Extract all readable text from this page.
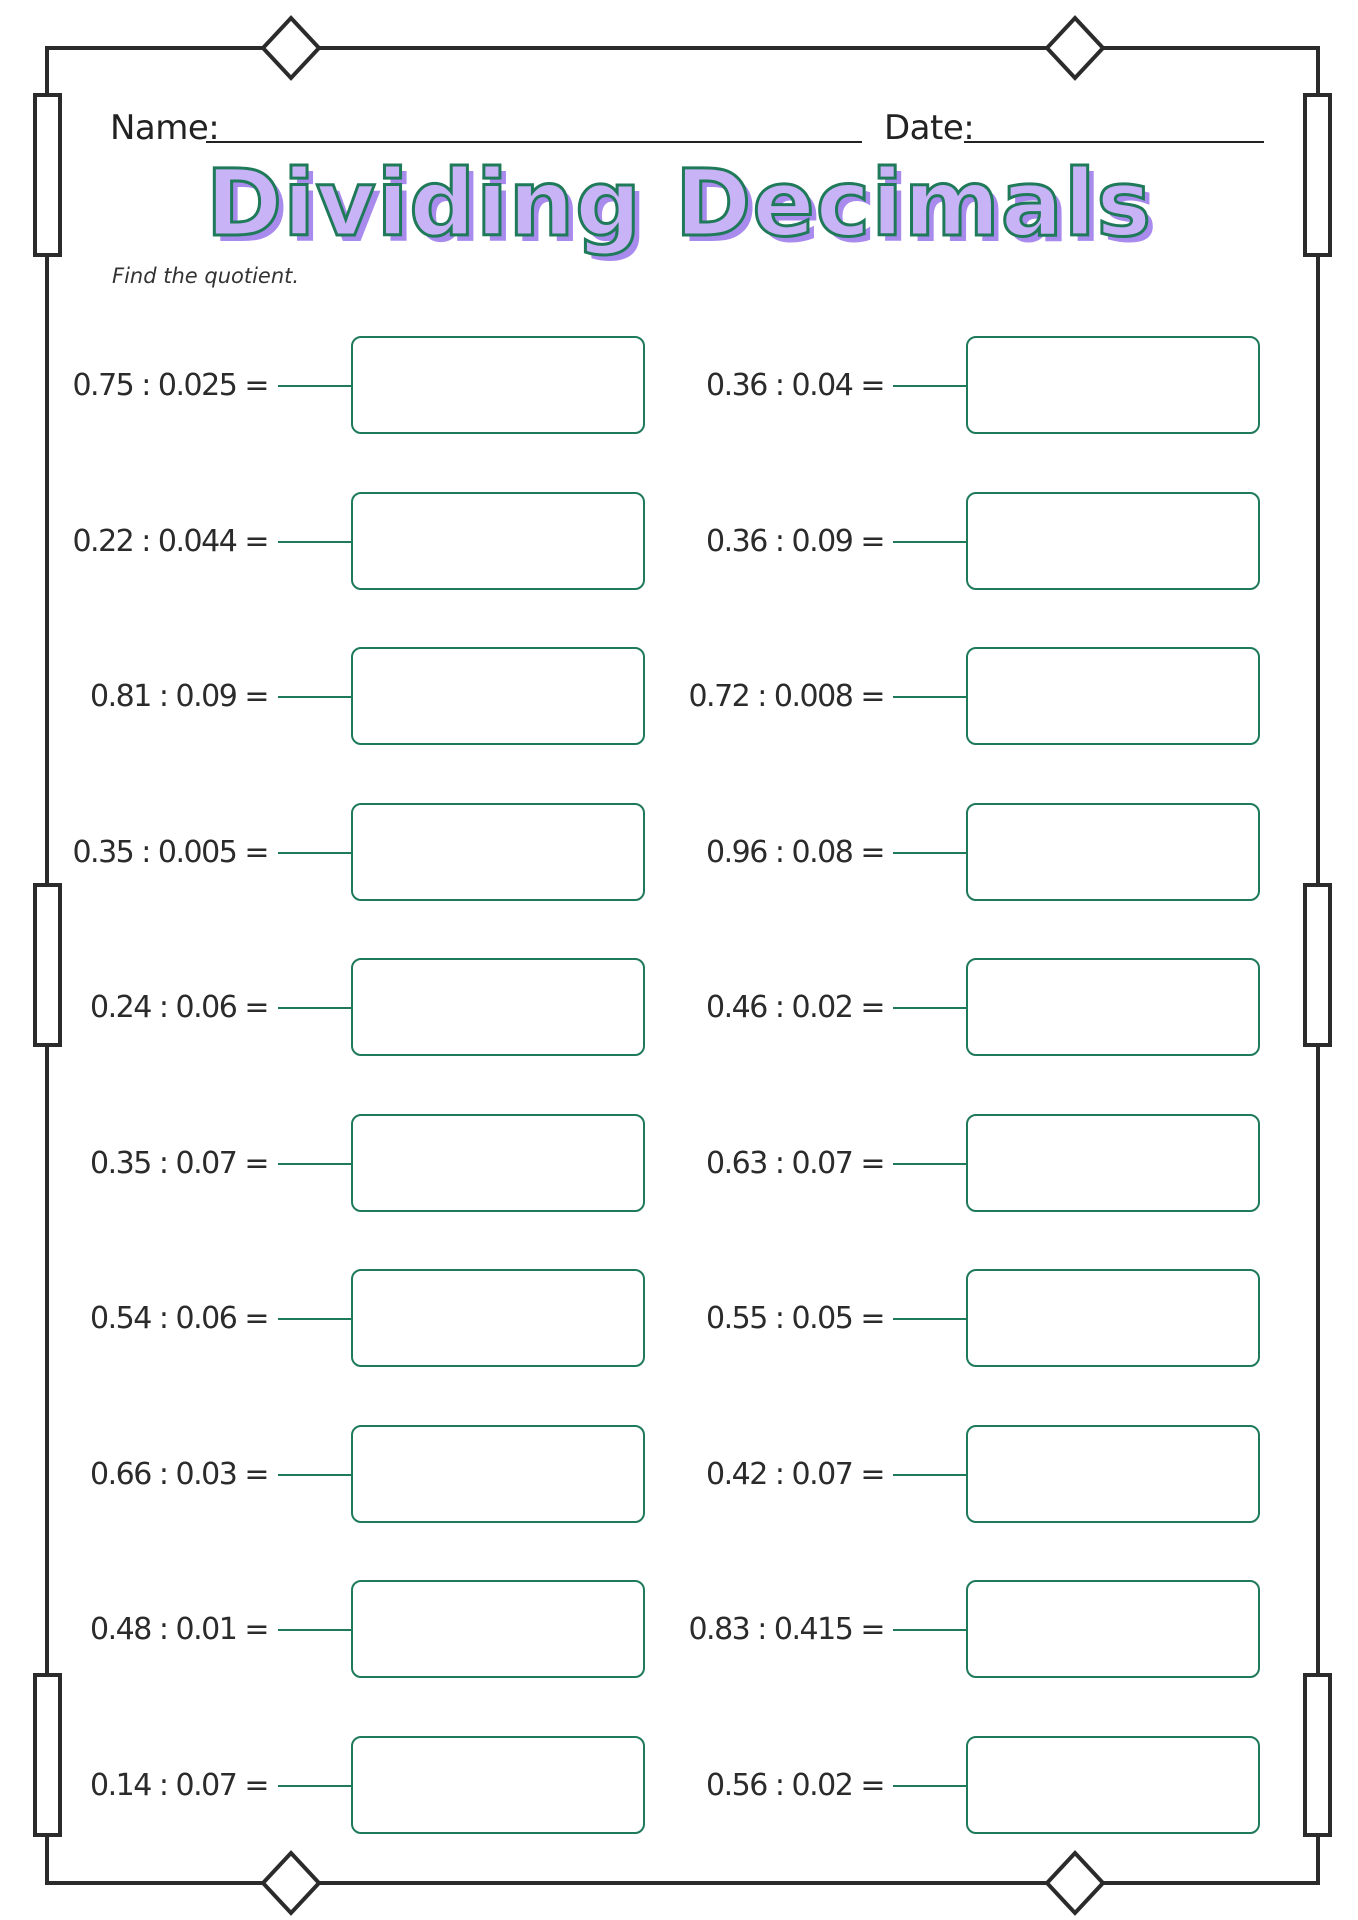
Name:	Date:
Dividing Decimals
Find the quotient.
0.75 : 0.025 =
0.22 : 0.044 =
0.81 : 0.09 =
0.35 : 0.005 =
0.24 : 0.06 =
0.35 : 0.07 =
0.54 : 0.06 =
0.66 : 0.03 =
0.48 : 0.01 =
0.14 : 0.07 =
0.36 : 0.04 =
0.36 : 0.09 =
0.72 : 0.008 =
0.96 : 0.08 =
0.46 : 0.02 =
0.63 : 0.07 =
0.55 : 0.05 =
0.42 : 0.07 =
0.83 : 0.415 =
0.56 : 0.02 =
